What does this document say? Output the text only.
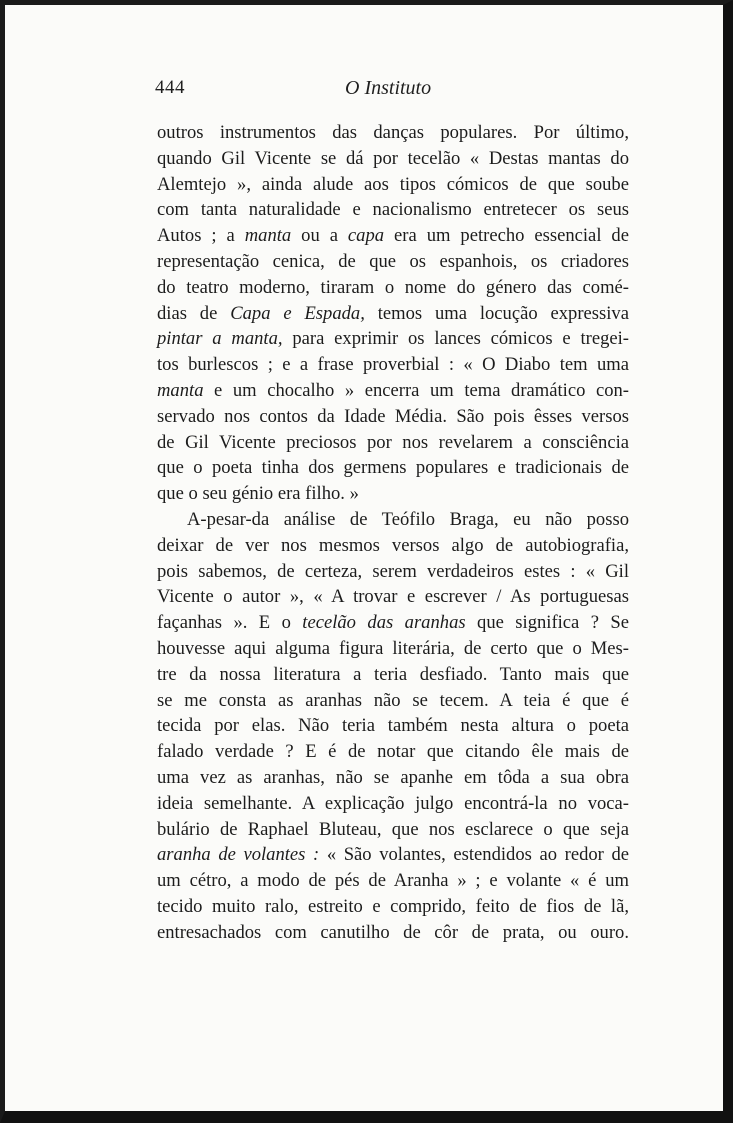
444	O Instituto
outros instrumentos das danças populares. Por último,
quando Gil Vicente se dá por tecelão « Destas mantas do
Alemtejo », ainda alude aos tipos cómicos de que soube
com tanta naturalidade e nacionalismo entretecer os seus
Autos ; a manta ou a capa era um petrecho essencial de
representação cenica, de que os espanhois, os criadores
do teatro moderno, tiraram o nome do género das comé-
dias de Capa e Espada, temos uma locução expressiva
pintar a manta, para exprimir os lances cómicos e tregei-
tos burlescos ; e a frase proverbial : « O Diabo tem uma
manta e um chocalho » encerra um tema dramático con-
servado nos contos da Idade Média. São pois êsses versos
de Gil Vicente preciosos por nos revelarem a consciência
que o poeta tinha dos germens populares e tradicionais de
que o seu génio era filho. »
A-pesar-da análise de Teófilo Braga, eu não posso
deixar de ver nos mesmos versos algo de autobiografia,
pois sabemos, de certeza, serem verdadeiros estes : « Gil
Vicente o autor », « A trovar e escrever / As portuguesas
façanhas ». E o tecelão das aranhas que significa ? Se
houvesse aqui alguma figura literária, de certo que o Mes-
tre da nossa literatura a teria desfiado. Tanto mais que
se me consta as aranhas não se tecem. A teia é que é
tecida por elas. Não teria também nesta altura o poeta
falado verdade ? E é de notar que citando êle mais de
uma vez as aranhas, não se apanhe em tôda a sua obra
ideia semelhante. A explicação julgo encontrá-la no voca-
bulário de Raphael Bluteau, que nos esclarece o que seja
aranha de volantes : « São volantes, estendidos ao redor de
um cétro, a modo de pés de Aranha » ; e volante « é um
tecido muito ralo, estreito e comprido, feito de fios de lã,
entresachados com canutilho de côr de prata, ou ouro.
